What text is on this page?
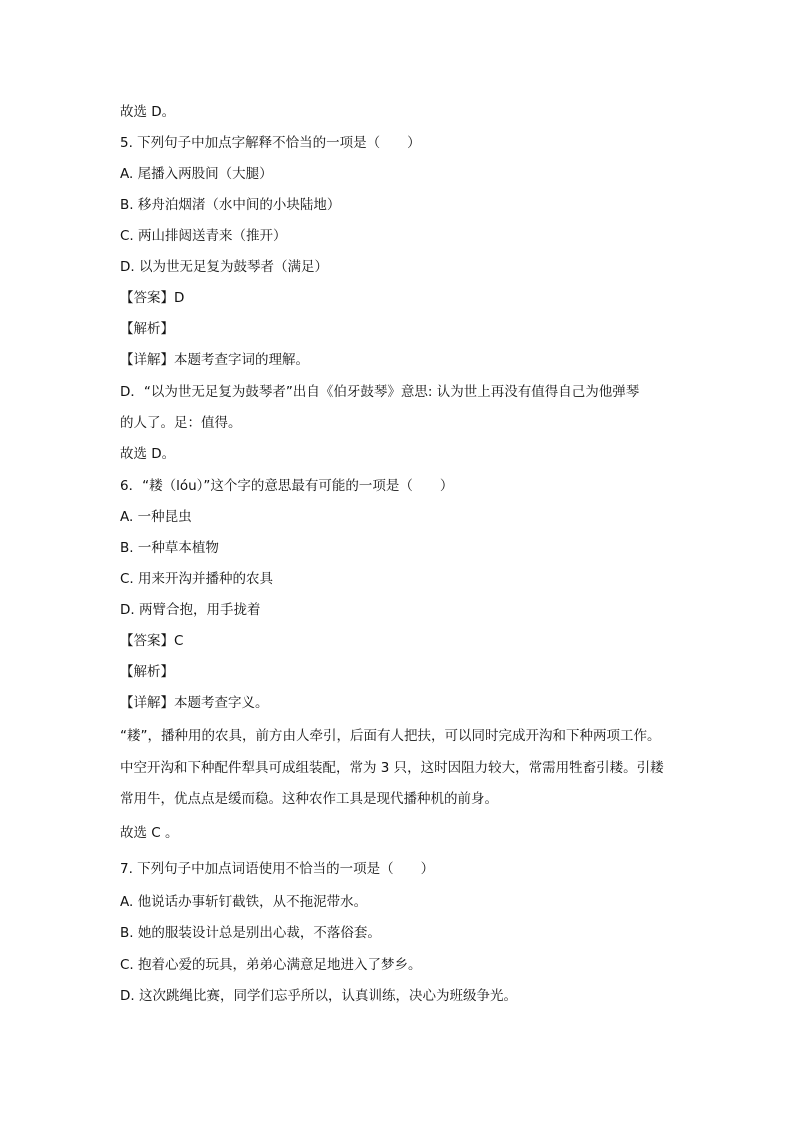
故选 D。
5. 下列句子中加点字解释不恰当的一项是（　　）
A. 尾播入两股间（大腿）
B. 移舟泊烟渚（水中间的小块陆地）
C. 两山排闼送青来（推开）
D. 以为世无足复为鼓琴者（满足）
【答案】D
【解析】
【详解】本题考查字词的理解。
D．“以为世无足复为鼓琴者”出自《伯牙鼓琴》意思: 认为世上再没有值得自己为他弹琴
的人了。足：值得。
故选 D。
6．“耧（lóu）”这个字的意思最有可能的一项是（　　）
A. 一种昆虫
B. 一种草本植物
C. 用来开沟并播种的农具
D. 两臂合抱，用手拢着
【答案】C
【解析】
【详解】本题考查字义。
“耧”，播种用的农具，前方由人牵引，后面有人把扶，可以同时完成开沟和下种两项工作。
中空开沟和下种配件犁具可成组装配，常为 3 只，这时因阻力较大，常需用牲畜引耧。引耧
常用牛，优点点是缓而稳。这种农作工具是现代播种机的前身。
故选 C 。
7. 下列句子中加点词语使用不恰当的一项是（　　）
A. 他说话办事斩钉截铁，从不拖泥带水。
B. 她的服装设计总是别出心裁，不落俗套。
C. 抱着心爱的玩具，弟弟心满意足地进入了梦乡。
D. 这次跳绳比赛，同学们忘乎所以，认真训练，决心为班级争光。
